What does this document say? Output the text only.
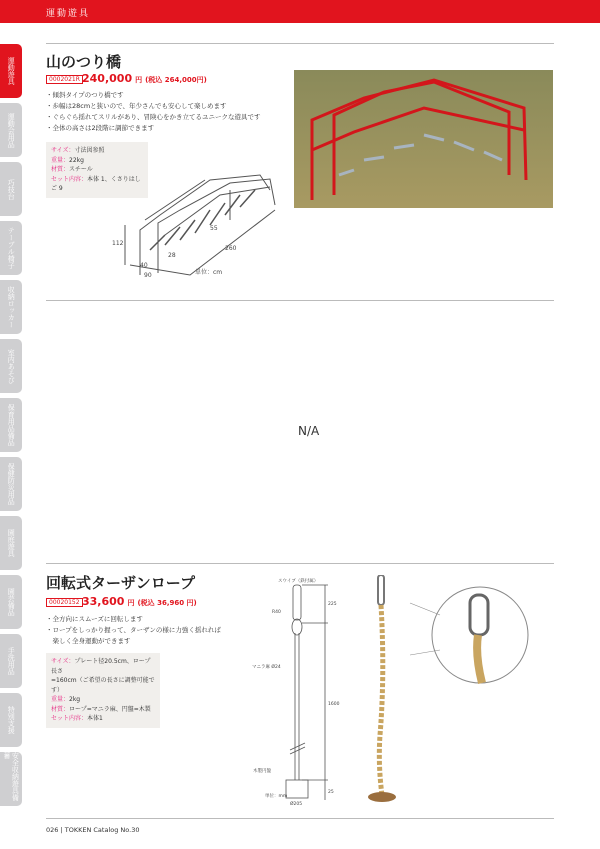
運動遊具
運動遊具
運動会用品
巧技台
テーブル椅子
収納ロッカー
室内あそび
保育用品備品
保健防災用品
園庭遊具
園芸備品
手洗用品
特別支援
安全収納遊具備蓄
山のつり橋
0002021R 240,000 円 (税込 264,000円)
・傾斜タイプのつり橋です
・歩幅は28cmと狭いので、年少さんでも安心して楽しめます
・ぐらぐら揺れてスリルがあり、冒険心をかき立てるユニークな遊具です
・全体の高さは2段階に調節できます
サイズ：寸法図参照
重量：22kg
材質：スチール
セット内容：本体 1、くさりはしご 9
112
55
260
28
40
90	単位：cm
N/A
回転式ターザンロープ
00020152 33,600 円 (税込 36,960 円)
・全方向にスムーズに回転します
・ロープをしっかり握って、ターザンの様に力強く揺れれば
　楽しく全身運動ができます
サイズ：プレート径20.5cm、ロープ長さ
=160cm（ご希望の長さに調整可能です）
重量：2kg
材質：ロープ=マニラ麻、円盤=木製
セット内容：本体1
スウイブ（鉄付属）
R40
マニラ麻 Ø24
225
1600
25
木製円盤
Ø205
単位：mm
026 | TOKKEN Catalog No.30
